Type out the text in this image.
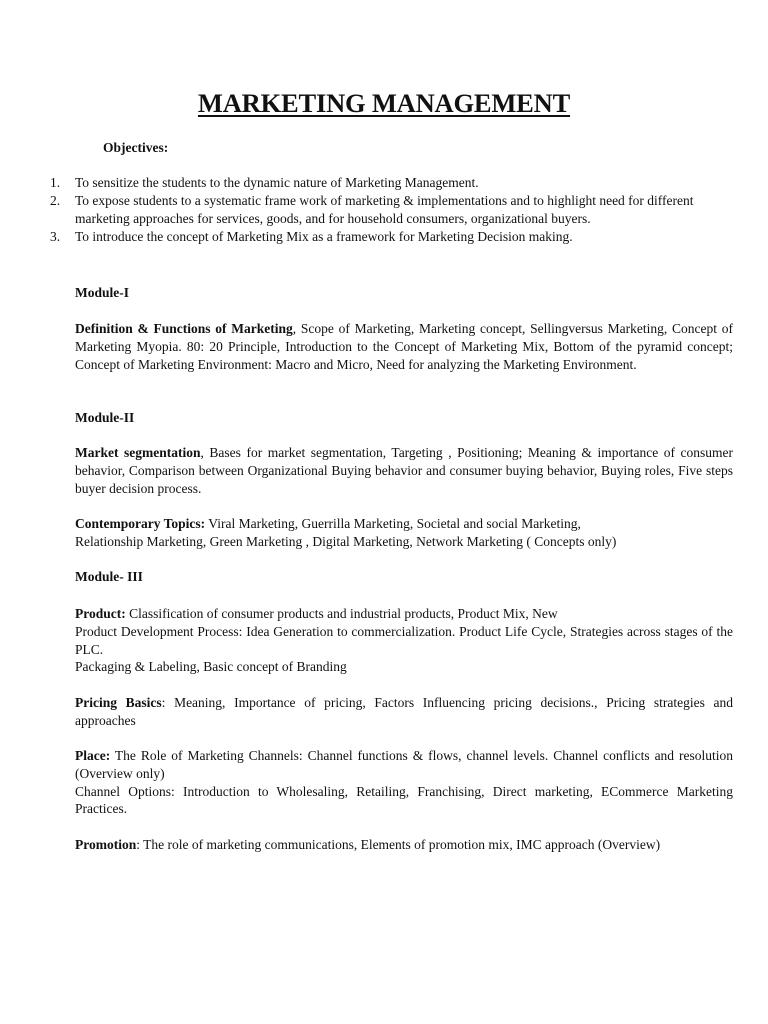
MARKETING MANAGEMENT
Objectives:
1. To sensitize the students to the dynamic nature of Marketing Management.
2. To expose students to a systematic frame work of marketing & implementations and to highlight need for different marketing approaches for services, goods, and for household consumers, organizational buyers.
3. To introduce the concept of Marketing Mix as a framework for Marketing Decision making.
Module-I
Definition & Functions of Marketing, Scope of Marketing, Marketing concept, Sellingversus Marketing, Concept of Marketing Myopia. 80: 20 Principle, Introduction to the Concept of Marketing Mix, Bottom of the pyramid concept; Concept of Marketing Environment: Macro and Micro, Need for analyzing the Marketing Environment.
Module-II
Market segmentation, Bases for market segmentation, Targeting , Positioning; Meaning & importance of consumer behavior, Comparison between Organizational Buying behavior and consumer buying behavior, Buying roles, Five steps buyer decision process.
Contemporary Topics: Viral Marketing, Guerrilla Marketing, Societal and social Marketing,
Relationship Marketing, Green Marketing , Digital Marketing, Network Marketing ( Concepts only)
Module- III
Product: Classification of consumer products and industrial products, Product Mix, New
Product Development Process: Idea Generation to commercialization. Product Life Cycle, Strategies across stages of the PLC.
Packaging & Labeling, Basic concept of Branding
Pricing Basics: Meaning, Importance of pricing, Factors Influencing pricing decisions., Pricing strategies and approaches
Place: The Role of Marketing Channels: Channel functions & flows, channel levels. Channel conflicts and resolution (Overview only)
Channel Options: Introduction to Wholesaling, Retailing, Franchising, Direct marketing, ECommerce Marketing Practices.
Promotion: The role of marketing communications, Elements of promotion mix, IMC approach (Overview)
